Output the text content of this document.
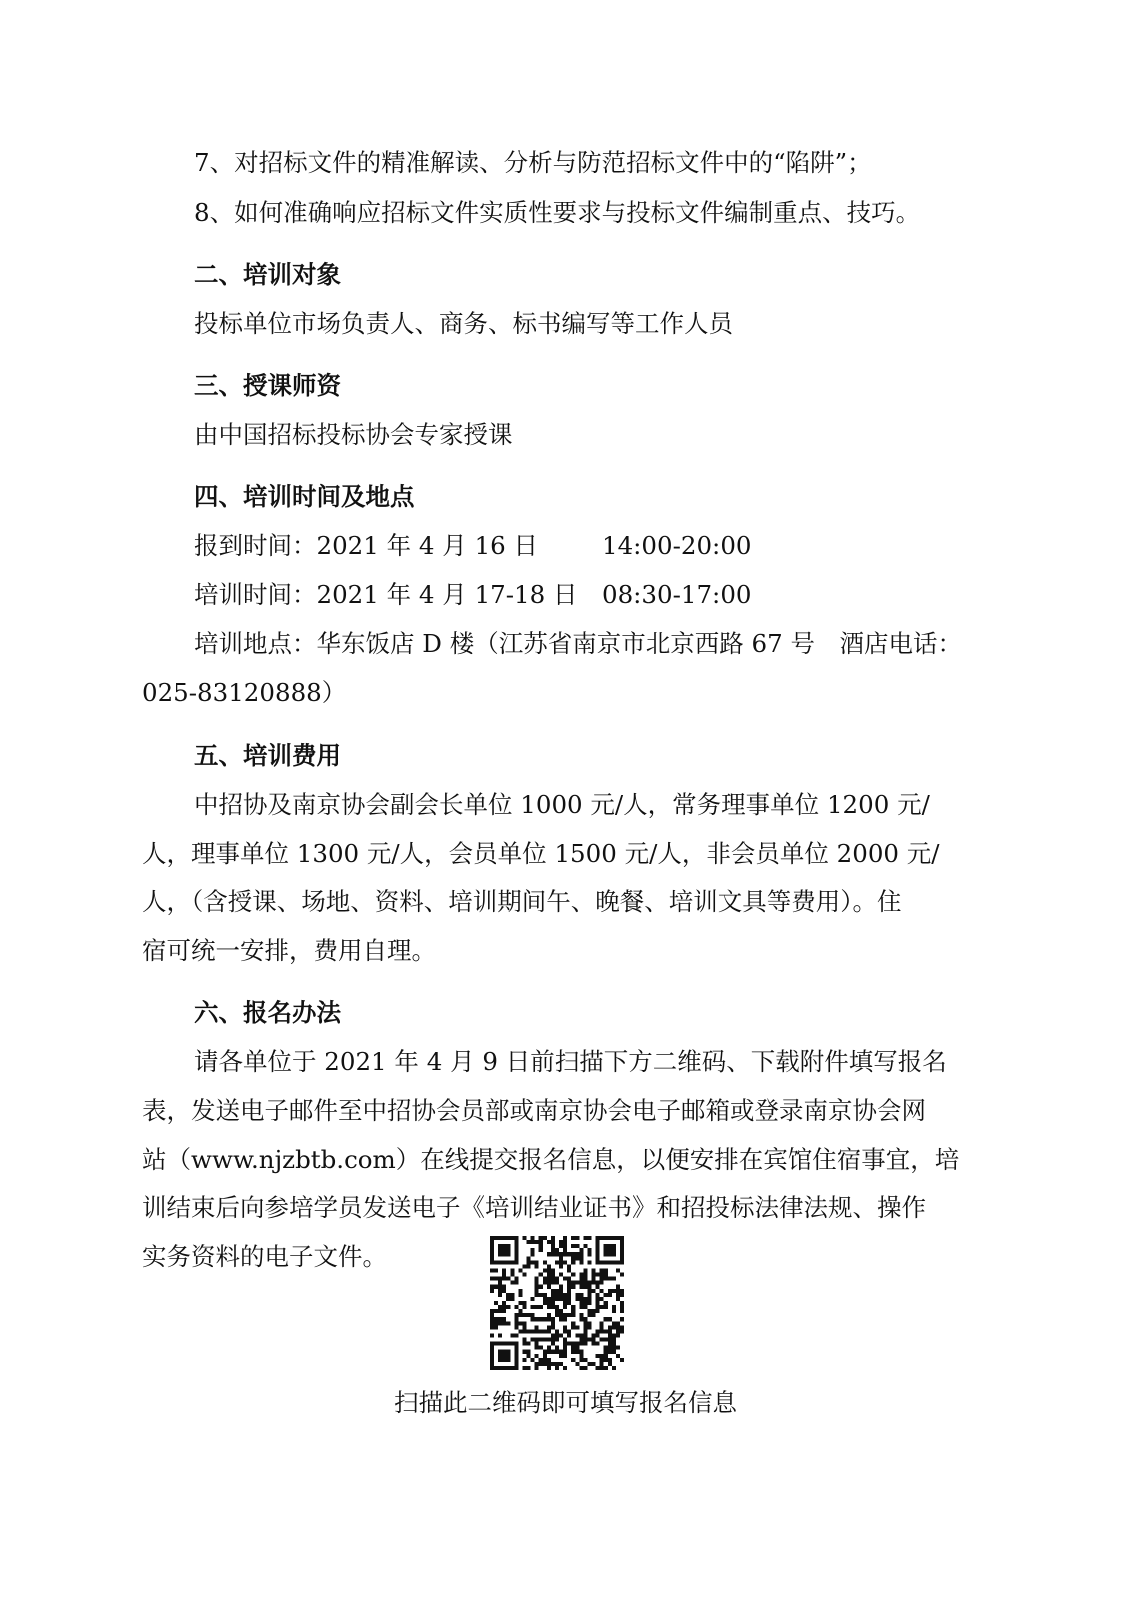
7、对招标文件的精准解读、分析与防范招标文件中的“陷阱”；
8、如何准确响应招标文件实质性要求与投标文件编制重点、技巧。
二、培训对象
投标单位市场负责人、商务、标书编写等工作人员
三、授课师资
由中国招标投标协会专家授课
四、培训时间及地点
报到时间：2021 年 4 月 16 日	14:00-20:00
培训时间：2021 年 4 月 17-18 日 08:30-17:00
培训地点：华东饭店 D 楼（江苏省南京市北京西路 67 号　酒店电话：
025-83120888）
五、培训费用
中招协及南京协会副会长单位 1000 元/人，常务理事单位 1200 元/
人，理事单位 1300 元/人，会员单位 1500 元/人，非会员单位 2000 元/
人，（含授课、场地、资料、培训期间午、晚餐、培训文具等费用）。住
宿可统一安排，费用自理。
六、报名办法
请各单位于 2021 年 4 月 9 日前扫描下方二维码、下载附件填写报名
表，发送电子邮件至中招协会员部或南京协会电子邮箱或登录南京协会网
站（www.njzbtb.com）在线提交报名信息，以便安排在宾馆住宿事宜，培
训结束后向参培学员发送电子《培训结业证书》和招投标法律法规、操作
实务资料的电子文件。
扫描此二维码即可填写报名信息
